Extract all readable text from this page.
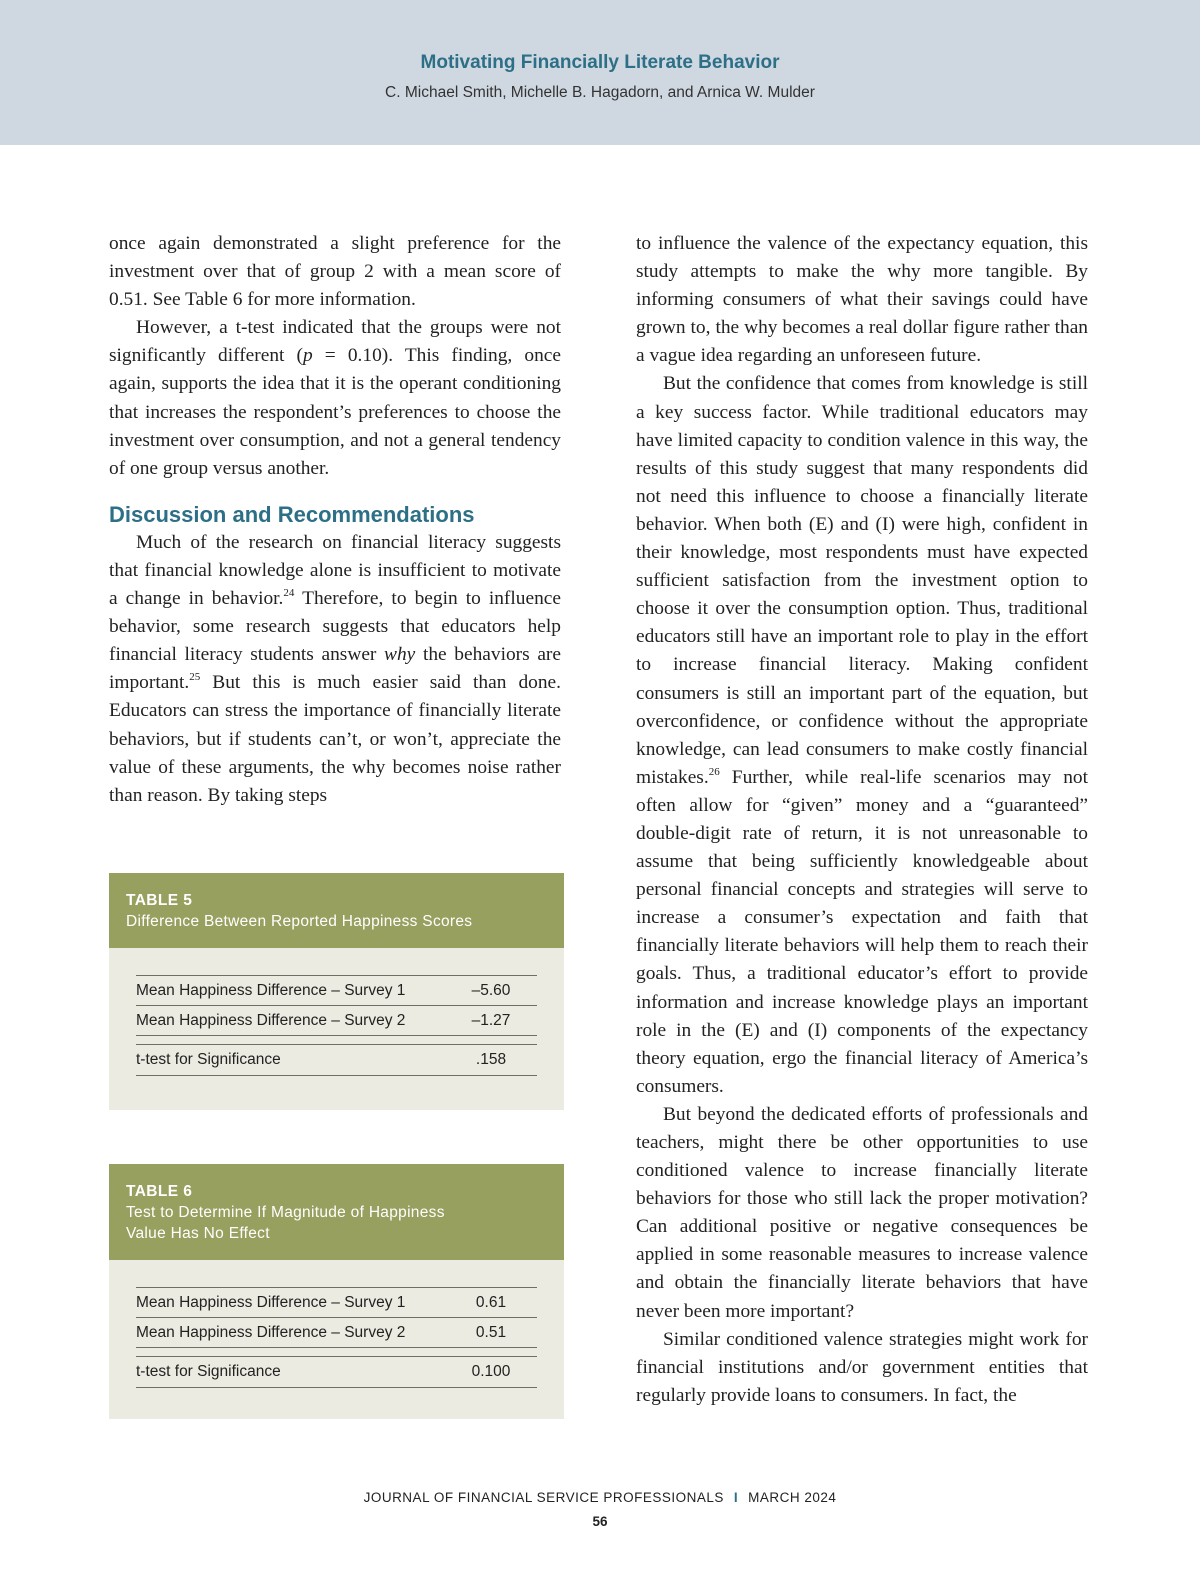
Motivating Financially Literate Behavior
C. Michael Smith, Michelle B. Hagadorn, and Arnica W. Mulder

once again demonstrated a slight preference for the investment over that of group 2 with a mean score of 0.51. See Table 6 for more information.

However, a t-test indicated that the groups were not significantly different (p = 0.10). This finding, once again, supports the idea that it is the operant conditioning that increases the respondent’s preferences to choose the investment over consumption, and not a general tendency of one group versus another.

Discussion and Recommendations

Much of the research on financial literacy suggests that financial knowledge alone is insufficient to motivate a change in behavior.$^{24}$ Therefore, to begin to influence behavior, some research suggests that educators help financial literacy students answer why the behaviors are important.$^{25}$ But this is much easier said than done. Educators can stress the importance of financially literate behaviors, but if students can’t, or won’t, appreciate the value of these arguments, the why becomes noise rather than reason. By taking steps

TABLE 5
Difference Between Reported Happiness Scores
Mean Happiness Difference – Survey 1	–5.60
Mean Happiness Difference – Survey 2	–1.27
t-test for Significance	.158
TABLE 6
Test to Determine If Magnitude of Happiness
Value Has No Effect
Mean Happiness Difference – Survey 1	0.61
Mean Happiness Difference – Survey 2	0.51
t-test for Significance	0.100

to influence the valence of the expectancy equation, this study attempts to make the why more tangible. By informing consumers of what their savings could have grown to, the why becomes a real dollar figure rather than a vague idea regarding an unforeseen future.

But the confidence that comes from knowledge is still a key success factor. While traditional educators may have limited capacity to condition valence in this way, the results of this study suggest that many respondents did not need this influence to choose a financially literate behavior. When both (E) and (I) were high, confident in their knowledge, most respondents must have expected sufficient satisfaction from the investment option to choose it over the consumption option. Thus, traditional educators still have an important role to play in the effort to increase financial literacy. Making confident consumers is still an important part of the equation, but overconfidence, or confidence without the appropriate knowledge, can lead consumers to make costly financial mistakes.$^{26}$ Further, while real-life scenarios may not often allow for “given” money and a “guaranteed” double-digit rate of return, it is not unreasonable to assume that being sufficiently knowledgeable about personal financial concepts and strategies will serve to increase a consumer’s expectation and faith that financially literate behaviors will help them to reach their goals. Thus, a traditional educator’s effort to provide information and increase knowledge plays an important role in the (E) and (I) components of the expectancy theory equation, ergo the financial literacy of America’s consumers.

But beyond the dedicated efforts of professionals and teachers, might there be other opportunities to use conditioned valence to increase financially literate behaviors for those who still lack the proper motivation? Can additional positive or negative consequences be applied in some reasonable measures to increase valence and obtain the financially literate behaviors that have never been more important?

Similar conditioned valence strategies might work for financial institutions and/or government entities that regularly provide loans to consumers. In fact, the

JOURNAL OF FINANCIAL SERVICE PROFESSIONALS I MARCH 2024
56
